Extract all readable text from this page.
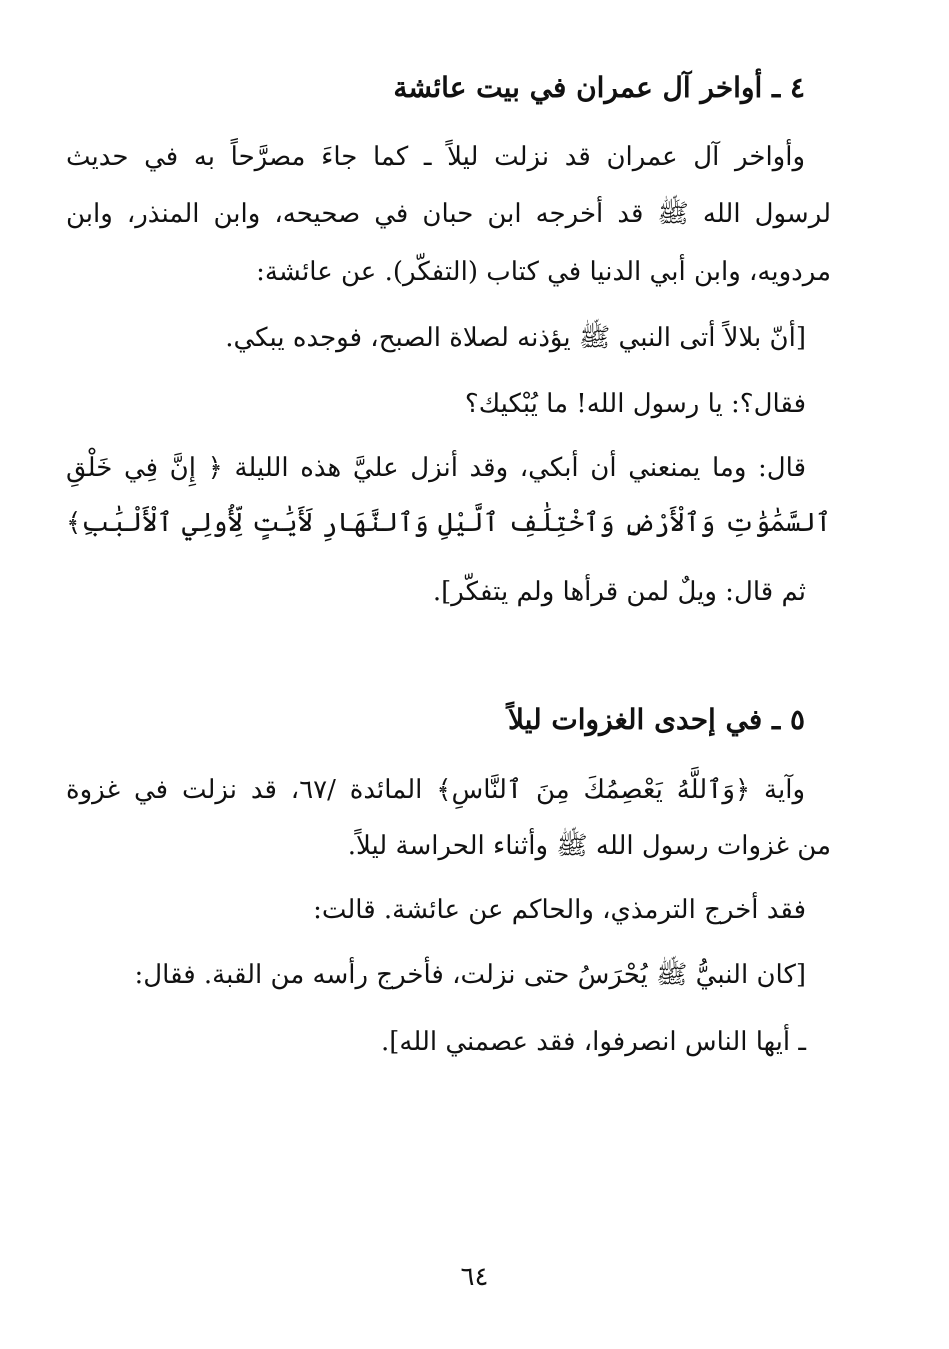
٤ ـ أواخر آل عمران في بيت عائشة
وأواخر آل عمران قد نزلت ليلاً ـ كما جاءَ مصرَّحاً به في حديث
لرسول الله ﷺ قد أخرجه ابن حبان في صحيحه، وابن المنذر، وابن
مردويه، وابن أبي الدنيا في كتاب (التفكّر). عن عائشة:
[أنّ بلالاً أتى النبي ﷺ يؤذنه لصلاة الصبح، فوجده يبكي.
فقال؟: يا رسول الله! ما يُبْكيك؟
قال: وما يمنعني أن أبكي، وقد أنزل عليَّ هذه الليلة ﴿ إِنَّ فِي خَلْقِ
ٱلسَّمَٰوَٰتِ وَٱلْأَرْضِ وَٱخْتِلَٰفِ ٱلَّيْلِ وَٱلنَّهَارِ لَأَيَٰتٍ لِّأُولِي ٱلْأَلْبَٰبِ﴾
ثم قال: ويلٌ لمن قرأها ولم يتفكّر].
٥ ـ في إحدى الغزوات ليلاً
وآية ﴿وَٱللَّهُ يَعْصِمُكَ مِنَ ٱلنَّاسِ﴾ المائدة /٦٧، قد نزلت في غزوة
من غزوات رسول الله ﷺ وأثناء الحراسة ليلاً.
فقد أخرج الترمذي، والحاكم عن عائشة. قالت:
[كان النبيُّ ﷺ يُحْرَسُ حتى نزلت، فأخرج رأسه من القبة. فقال:
ـ أيها الناس انصرفوا، فقد عصمني الله].
٦٤
